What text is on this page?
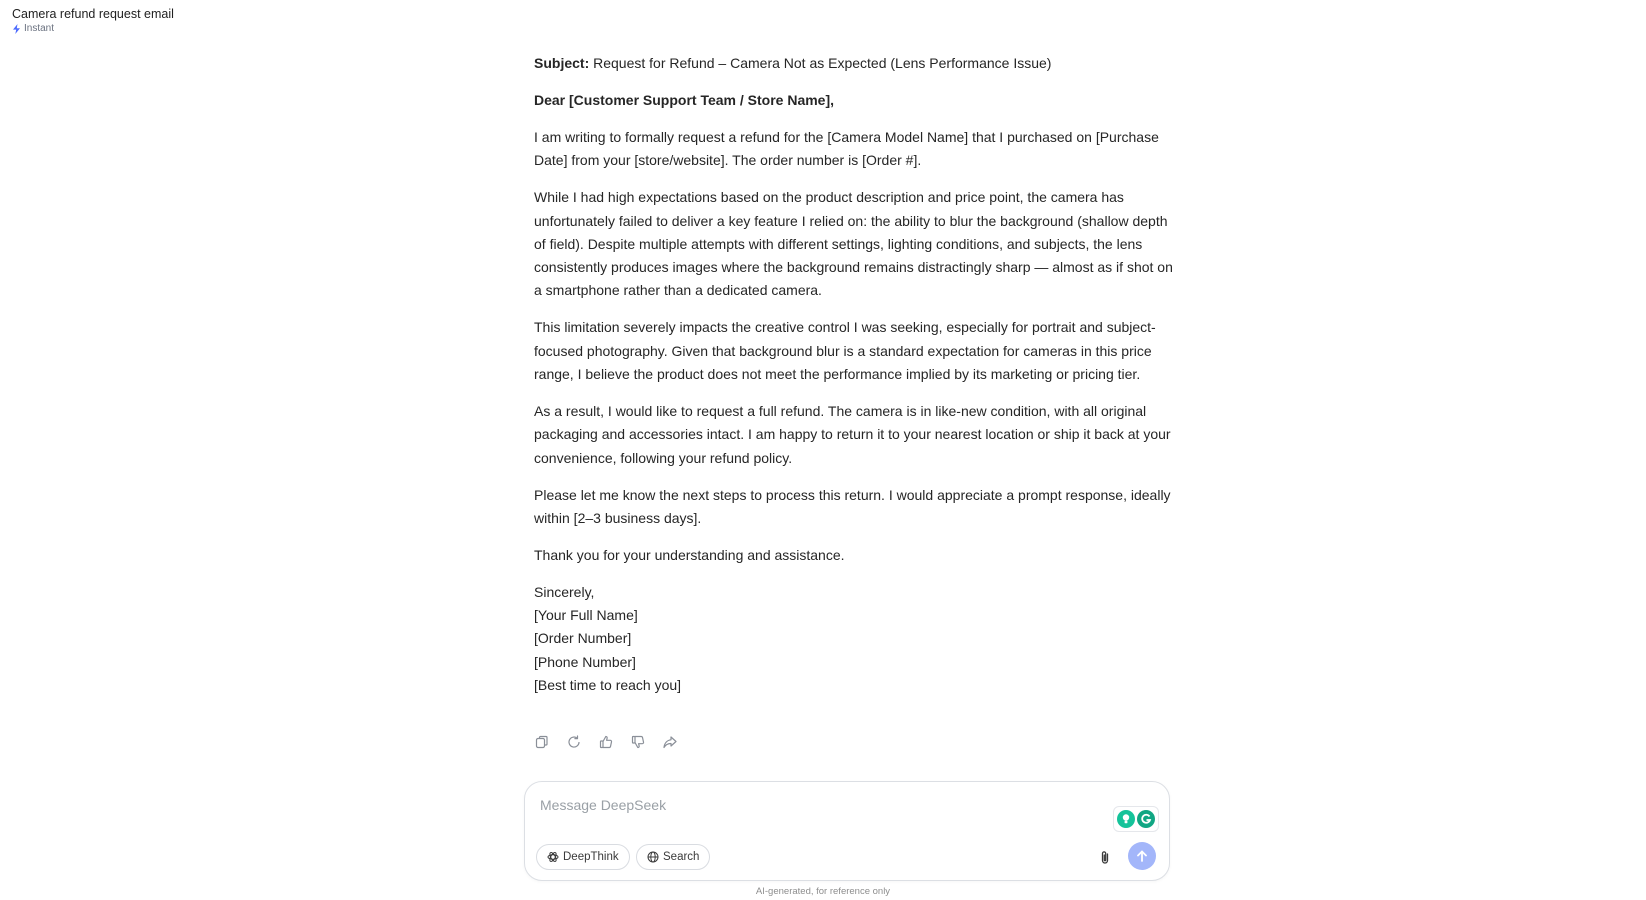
Camera refund request email
Instant

Subject: Request for Refund – Camera Not as Expected (Lens Performance Issue)

Dear [Customer Support Team / Store Name],

I am writing to formally request a refund for the [Camera Model Name] that I purchased on [Purchase Date] from your [store/website]. The order number is [Order #].

While I had high expectations based on the product description and price point, the camera has unfortunately failed to deliver a key feature I relied on: the ability to blur the background (shallow depth of field). Despite multiple attempts with different settings, lighting conditions, and subjects, the lens consistently produces images where the background remains distractingly sharp — almost as if shot on a smartphone rather than a dedicated camera.

This limitation severely impacts the creative control I was seeking, especially for portrait and subject-focused photography. Given that background blur is a standard expectation for cameras in this price range, I believe the product does not meet the performance implied by its marketing or pricing tier.

As a result, I would like to request a full refund. The camera is in like-new condition, with all original packaging and accessories intact. I am happy to return it to your nearest location or ship it back at your convenience, following your refund policy.

Please let me know the next steps to process this return. I would appreciate a prompt response, ideally within [2–3 business days].

Thank you for your understanding and assistance.

Sincerely,
[Your Full Name]
[Order Number]
[Phone Number]
[Best time to reach you]

Message DeepSeek
DeepThink	Search
AI-generated, for reference only
